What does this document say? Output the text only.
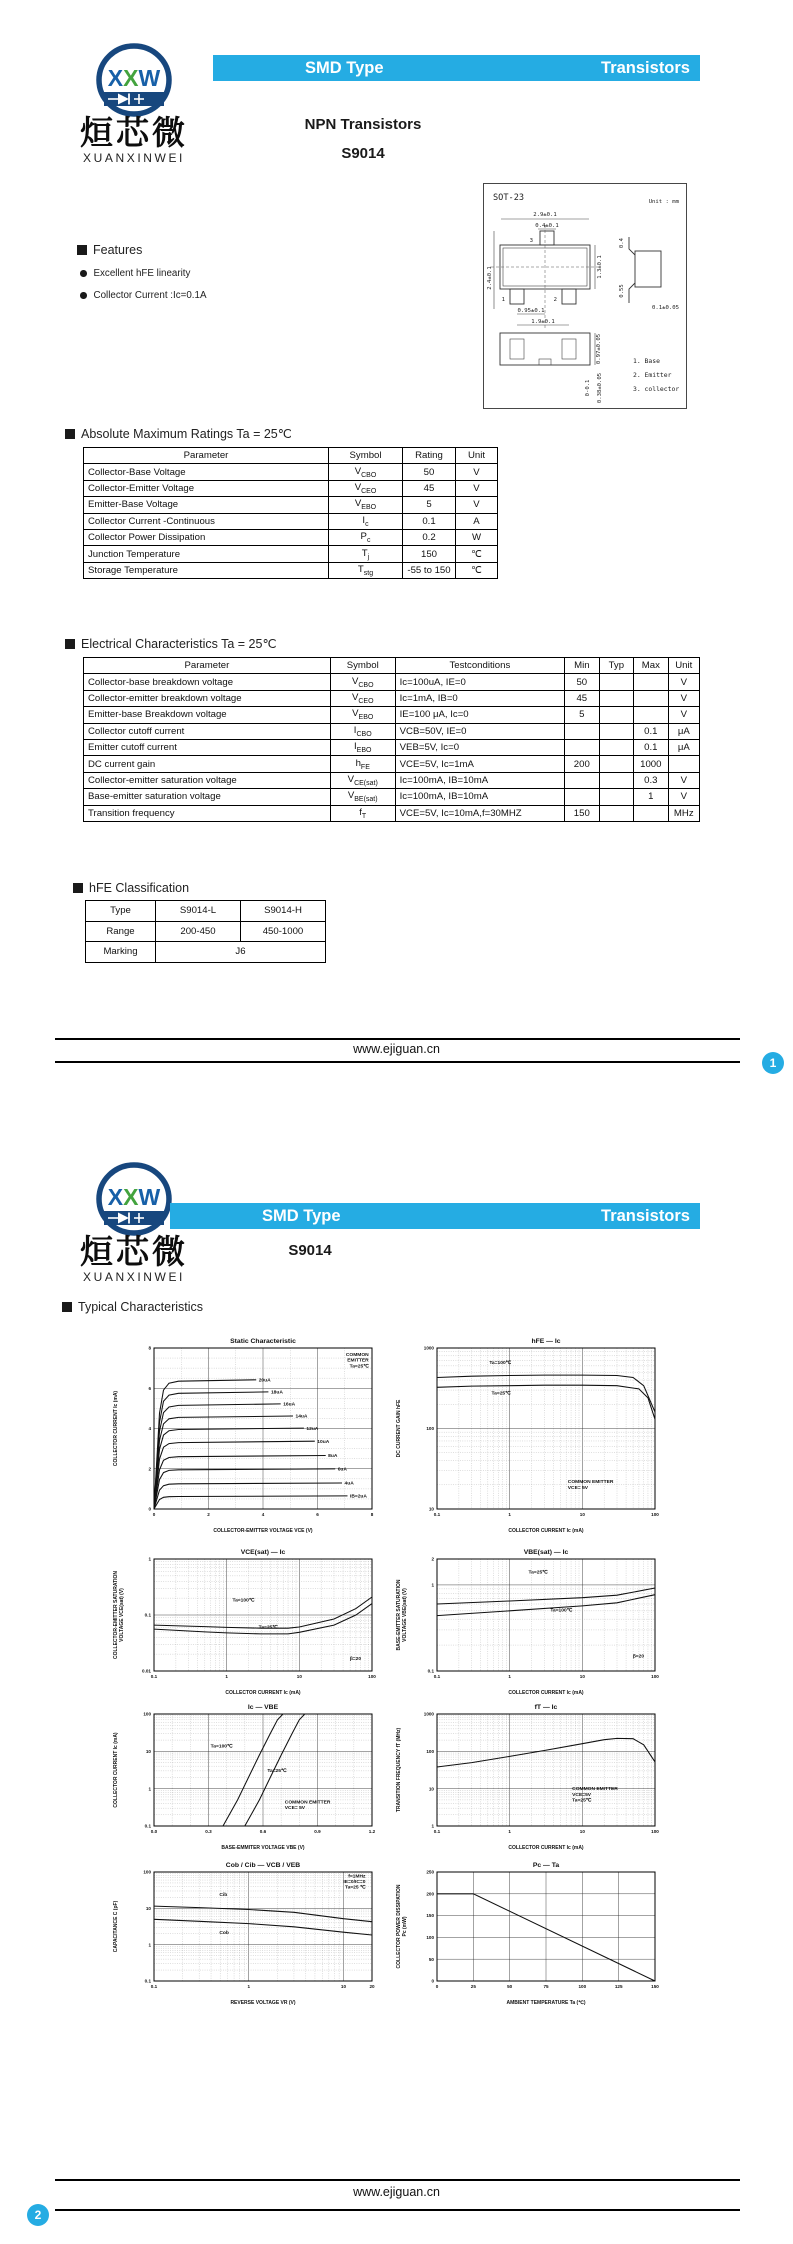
XXW
烜芯微
XUANXINWEI
SMD Type	Transistors
NPN Transistors
S9014
Features
Excellent hFE linearity
Collector Current :Ic=0.1A
SOT-23	Unit : mm
2.9±0.1
0.4±0.1
3
2.4±0.1	1.3±0.1
1	2
0.95±0.1
1.9±0.1
0.4
0.55
0.1±0.05
0.97±0.05
0-0.1 0.38±0.05
1. Base
2. Emitter
3. collector
Absolute Maximum Ratings Ta = 25℃
Parameter	Symbol	Rating	Unit
Collector-Base Voltage	$V_{CBO}$	50	V
Collector-Emitter Voltage	$V_{CEO}$	45	V
Emitter-Base Voltage	$V_{EBO}$	5	V
Collector Current -Continuous	$I_c$	0.1	A
Collector Power Dissipation	$P_c$	0.2	W
Junction Temperature	$T_j$	150	℃
Storage Temperature	$T_{stg}$	-55 to 150	℃
Electrical Characteristics Ta = 25℃
Parameter	Symbol	Testconditions	Min	Typ	Max	Unit
Collector-base breakdown voltage	$V_{CBO}$	Ic=100uA, IE=0	50			V
Collector-emitter breakdown voltage	$V_{CEO}$	Ic=1mA, IB=0	45			V
Emitter-base Breakdown voltage	$V_{EBO}$	IE=100 μA, Ic=0	5			V
Collector cutoff current	$I_{CBO}$	VCB=50V, IE=0			0.1	μA
Emitter cutoff current	$I_{EBO}$	VEB=5V, Ic=0			0.1	μA
DC current gain	$h_{FE}$	VCE=5V, Ic=1mA	200		1000	
Collector-emitter saturation voltage	$V_{CE(sat)}$	Ic=100mA, IB=10mA			0.3	V
Base-emitter saturation voltage	$V_{BE(sat)}$	Ic=100mA, IB=10mA			1	V
Transition frequency	$f_T$	VCE=5V, Ic=10mA,f=30MHZ	150			MHz
hFE Classification
Type	S9014-L	S9014-H
Range	200-450	450-1000
Marking	J6	
www.ejiguan.cn
1
XXW
烜芯微
XUANXINWEI
SMD Type	Transistors
S9014
Typical Characteristics
0	2	4	6	8
0
2
4
6
8
20uA
18uA
16uA
14uA
12uA
10uA
8uA
6uA
4uA
IB=2uA
COMMON
EMITTER
Ta=25℃
Static Characteristic
COLLECTOR-EMITTER VOLTAGE VCE (V)
COLLECTOR CURRENT Ic (mA)
0.1	1	10	100
10
100
1000
Ta=100℃
Ta=25℃
COMMON EMITTER
VCE= 5V
hFE — Ic
COLLECTOR CURRENT Ic (mA)
DC CURRENT GAIN hFE
0.1	1	10	100
0.01
0.1
1
Ta=100℃
Ta=25℃
β=20
VCE(sat) — Ic
COLLECTOR CURRENT Ic (mA)
COLLECTOR-EMITTER SATURATION VOLTAGE VCE(sat) (V)
0.1	1	10	100
0.1
1
2
Ta=25℃
Ta=100℃
β=20
VBE(sat) — Ic
COLLECTOR CURRENT Ic (mA)
BASE-EMITTER SATURATION VOLTAGE VBE(sat) (V)
0.0	0.3	0.6	0.9	1.2
0.1
1
10
100
Ta=100℃
Ta=25℃
COMMON EMITTER
VCE= 5V
Ic — VBE
BASE-EMMITER VOLTAGE VBE (V)
COLLECTOR CURRENT Ic (mA)
0.1	1	10	100
1
10
100
1000
COMMON EMITTER
VCE=5V
Ta=25℃
fT — Ic
COLLECTOR CURRENT Ic (mA)
TRANSITION FREQUENCY fT (MHz)
0.1	1	10	20
0.1
1
10
100
f=1MHz
IE=0/IC=0
Ta=25 ℃
Cib
Cob
Cob / Cib — VCB / VEB
REVERSE VOLTAGE VR (V)
CAPACITANCE C (pF)
0	25	50	75	100	125	150
0
50
100
150
200
250
Pc — Ta
AMBIENT TEMPERATURE Ta (℃)
COLLECTOR POWER DISSIPATION Pc (mW)
www.ejiguan.cn
2
